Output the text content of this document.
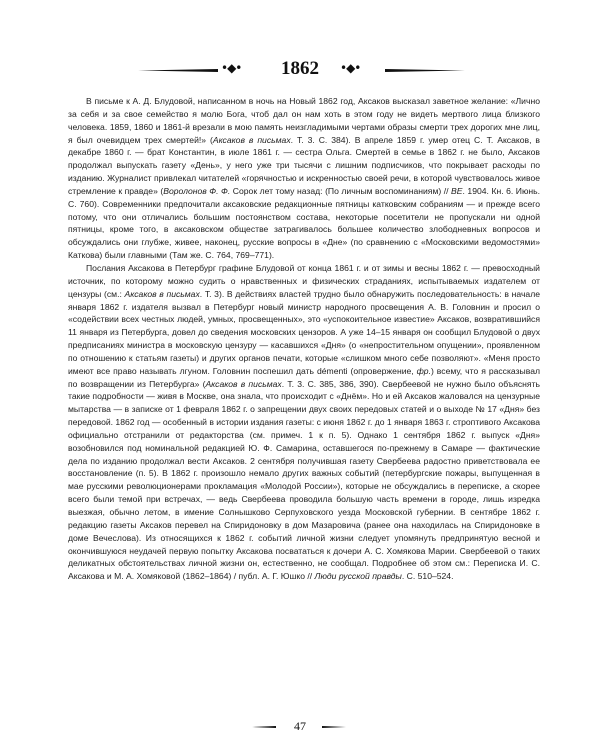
•◆•	1862	•◆•

В письме к А. Д. Блудовой, написанном в ночь на Новый 1862 год, Аксаков высказал заветное желание: «Лично за себя и за свое семейство я молю Бога, чтоб дал он нам хоть в этом году не видеть мертвого лица близкого человека. 1859, 1860 и 1861-й врезали в мою память неизгладимыми чертами образы смерти трех дорогих мне лиц, я был очевидцем трех смертей!» (Аксаков в письмах. Т. 3. С. 384). В апреле 1859 г. умер отец С. Т. Аксаков, в декабре 1860 г. — брат Константин, в июле 1861 г. — сестра Ольга. Смертей в семье в 1862 г. не было, Аксаков продолжал выпускать газету «День», у него уже три тысячи с лишним подписчиков, что покрывает расходы по изданию. Журналист привлекал читателей «горячностью и искренностью своей речи, в которой чувствовалось живое стремление к правде» (Воролонов Ф. Ф. Сорок лет тому назад: (По личным воспоминаниям) // ВЕ. 1904. Кн. 6. Июнь. С. 760). Современники предпочитали аксаковские редакционные пятницы катковским собраниям — и прежде всего потому, что они отличались большим постоянством состава, некоторые посетители не пропускали ни одной пятницы, кроме того, в аксаковском обществе затрагивалось большее количество злободневных вопросов и обсуждались они глубже, живее, наконец, русские вопросы в «Дне» (по сравнению с «Московскими ведомостями» Каткова) были главными (Там же. С. 764, 769–771).

Послания Аксакова в Петербург графине Блудовой от конца 1861 г. и от зимы и весны 1862 г. — превосходный источник, по которому можно судить о нравственных и физических страданиях, испытываемых издателем от цензуры (см.: Аксаков в письмах. Т. 3). В действиях властей трудно было обнаружить последовательность: в начале января 1862 г. издателя вызвал в Петербург новый министр народного просвещения А. В. Головнин и просил о «содействии всех честных людей, умных, просвещенных», это «успокоительное известие» Аксаков, возвратившийся 11 января из Петербурга, довел до сведения московских цензоров. А уже 14–15 января он сообщил Блудовой о двух предписаниях министра в московскую цензуру — касавшихся «Дня» (о «непростительном опущении», проявленном по отношению к статьям газеты) и других органов печати, которые «слишком много себе позволяют». «Меня просто имеют все право называть лгуном. Головнин поспешил дать démenti (опровержение, фр.) всему, что я рассказывал по возвращении из Петербурга» (Аксаков в письмах. Т. 3. С. 385, 386, 390). Свербеевой не нужно было объяснять такие подробности — живя в Москве, она знала, что происходит с «Днём». Но и ей Аксаков жаловался на цензурные мытарства — в записке от 1 февраля 1862 г. о запрещении двух своих передовых статей и о выходе № 17 «Дня» без передовой. 1862 год — особенный в истории издания газеты: с июня 1862 г. до 1 января 1863 г. строптивого Аксакова официально отстранили от редакторства (см. примеч. 1 к п. 5). Однако 1 сентября 1862 г. выпуск «Дня» возобновился под номинальной редакцией Ю. Ф. Самарина, оставшегося по-прежнему в Самаре — фактические дела по изданию продолжал вести Аксаков. 2 сентября получившая газету Свербеева радостно приветствовала ее восстановление (п. 5). В 1862 г. произошло немало других важных событий (петербургские пожары, выпущенная в мае русскими революционерами прокламация «Молодой России»), которые не обсуждались в переписке, а скорее всего были темой при встречах, — ведь Свербеева проводила большую часть времени в городе, лишь изредка выезжая, обычно летом, в имение Солнышково Серпуховского уезда Московской губернии. В сентябре 1862 г. редакцию газеты Аксаков перевел на Спиридоновку в дом Мазаровича (ранее она находилась на Спиридоновке в доме Вечеслова). Из относящихся к 1862 г. событий личной жизни следует упомянуть предпринятую весной и окончившуюся неудачей первую попытку Аксакова посвататься к дочери А. С. Хомякова Марии. Свербеевой о таких деликатных обстоятельствах личной жизни он, естественно, не сообщал. Подробнее об этом см.: Переписка И. С. Аксакова и М. А. Хомяковой (1862–1864) / публ. А. Г. Юшко // Люди русской правды. С. 510–524.

47
